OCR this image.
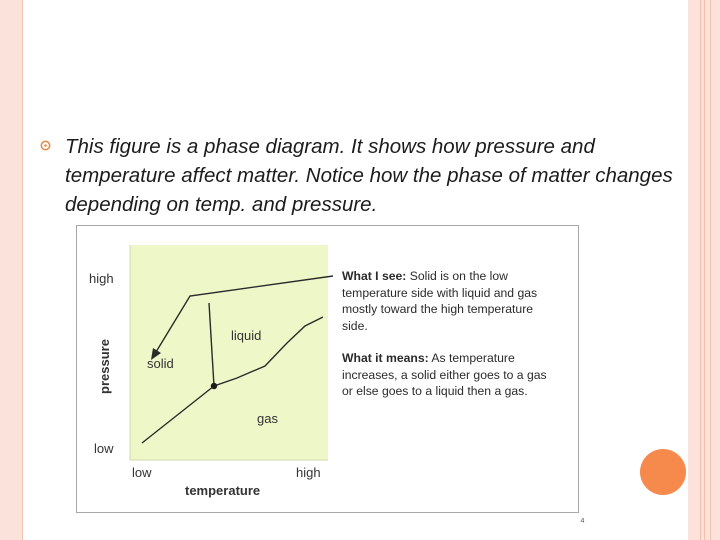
This figure is a phase diagram. It shows how pressure and temperature affect matter. Notice how the phase of matter changes depending on temp. and pressure.
high
low
low	high
temperature
pressure	solid
liquid
gas
What I see: Solid is on the low temperature side with liquid and gas mostly toward the high temperature side.
What it means: As temperature increases, a solid either goes to a gas or else goes to a liquid then a gas.
⁴
